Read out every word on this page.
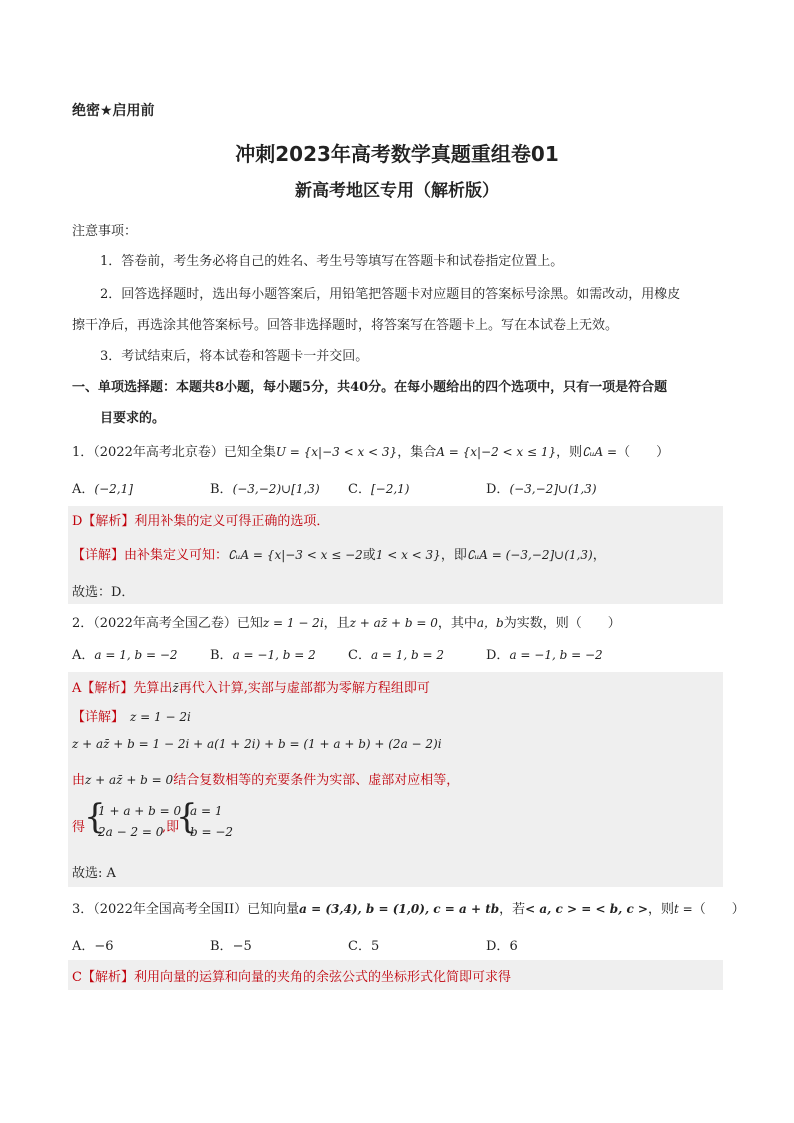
绝密★启用前
冲刺2023年高考数学真题重组卷01
新高考地区专用（解析版）
注意事项：
1．答卷前，考生务必将自己的姓名、考生号等填写在答题卡和试卷指定位置上。
2．回答选择题时，选出每小题答案后，用铅笔把答题卡对应题目的答案标号涂黑。如需改动，用橡皮
擦干净后，再选涂其他答案标号。回答非选择题时，将答案写在答题卡上。写在本试卷上无效。
3．考试结束后，将本试卷和答题卡一并交回。
一、单项选择题：本题共8小题，每小题5分，共40分。在每小题给出的四个选项中，只有一项是符合题
目要求的。
1．（2022年高考北京卷）已知全集U = {x|−3 < x < 3}，集合A = {x|−2 < x ≤ 1}，则∁ᵤA =（　　）
A．(−2,1]	B．(−3,−2)∪[1,3) C．[−2,1)	D．(−3,−2]∪(1,3)
D【解析】利用补集的定义可得正确的选项．
【详解】由补集定义可知：∁ᵤA = {x|−3 < x ≤ −2或1 < x < 3}，即∁ᵤA = (−3,−2]∪(1,3)，
故选：D．
2．（2022年高考全国乙卷）已知z = 1 − 2i，且z + az̄ + b = 0，其中a，b为实数，则（　　）
A．a = 1, b = −2 B．a = −1, b = 2 C．a = 1, b = 2	D．a = −1, b = −2
A【解析】先算出z̄再代入计算,实部与虚部都为零解方程组即可
【详解】 z = 1 − 2i
z + az̄ + b = 1 − 2i + a(1 + 2i) + b = (1 + a + b) + (2a − 2)i
由z + az̄ + b = 0结合复数相等的充要条件为实部、虚部对应相等，
得
{
1 + a + b = 0
2a − 2 = 0
,即
{
a = 1
b = −2
故选: A
3．（2022年全国高考全国II）已知向量a = (3,4), b = (1,0), c = a + tb，若< a, c > = < b, c >，则t =（　　）
A．−6	B．−5	C．5	D．6
C【解析】利用向量的运算和向量的夹角的余弦公式的坐标形式化简即可求得
